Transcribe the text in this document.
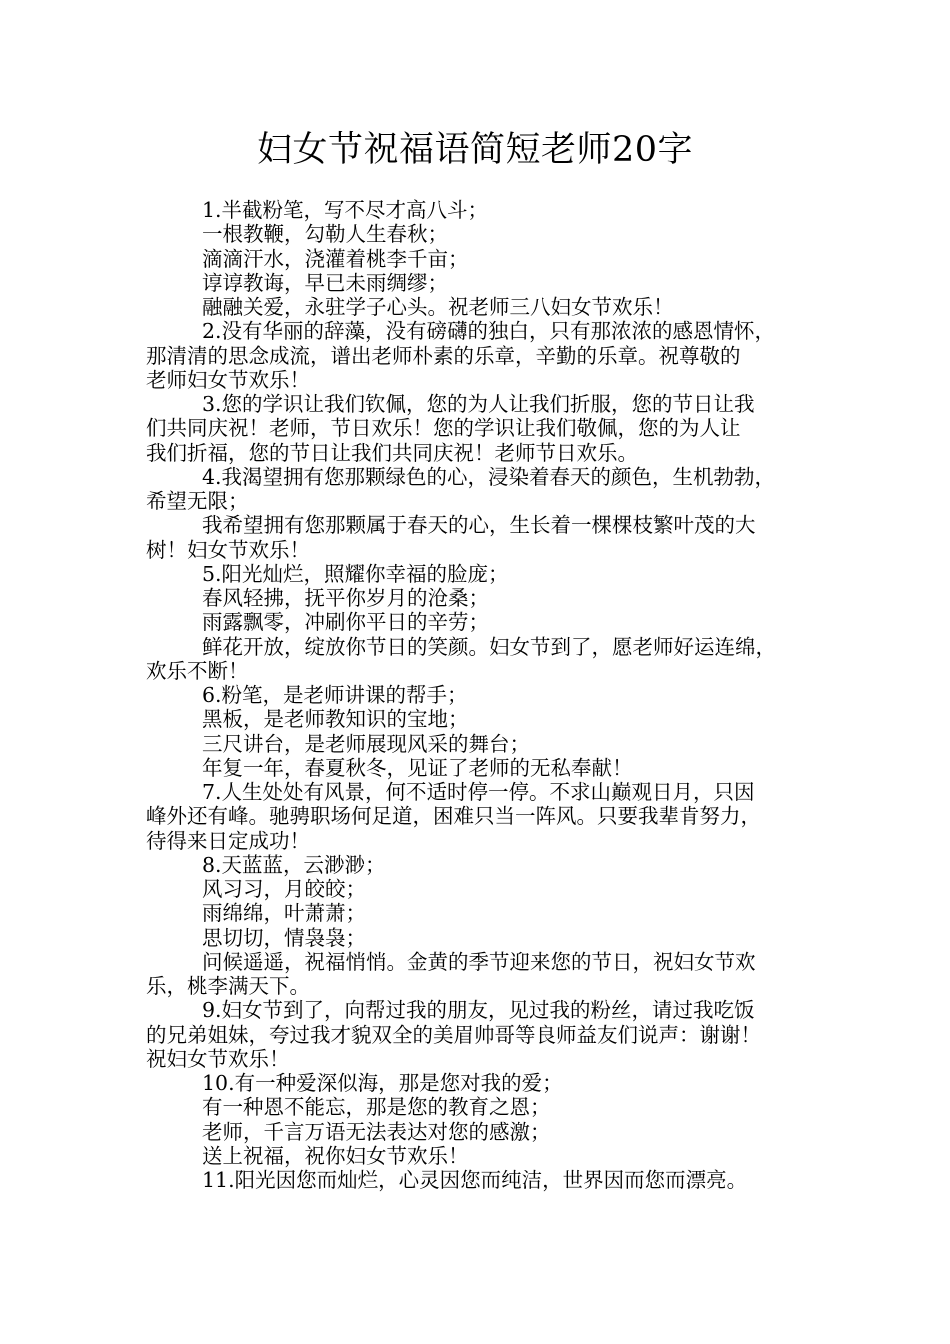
妇女节祝福语简短老师20字

1.半截粉笔，写不尽才高八斗；

一根教鞭，勾勒人生春秋；

滴滴汗水，浇灌着桃李千亩；

谆谆教诲，早已未雨绸缪；

融融关爱，永驻学子心头。祝老师三八妇女节欢乐！

2.没有华丽的辞藻，没有磅礴的独白，只有那浓浓的感恩情怀，

那清清的思念成流，谱出老师朴素的乐章，辛勤的乐章。祝尊敬的

老师妇女节欢乐！

3.您的学识让我们钦佩，您的为人让我们折服，您的节日让我

们共同庆祝！老师，节日欢乐！您的学识让我们敬佩，您的为人让

我们折福，您的节日让我们共同庆祝！老师节日欢乐。

4.我渴望拥有您那颗绿色的心，浸染着春天的颜色，生机勃勃，

希望无限；

我希望拥有您那颗属于春天的心，生长着一棵棵枝繁叶茂的大

树！妇女节欢乐！

5.阳光灿烂，照耀你幸福的脸庞；

春风轻拂，抚平你岁月的沧桑；

雨露飘零，冲刷你平日的辛劳；

鲜花开放，绽放你节日的笑颜。妇女节到了，愿老师好运连绵，

欢乐不断！

6.粉笔，是老师讲课的帮手；

黑板，是老师教知识的宝地；

三尺讲台，是老师展现风采的舞台；

年复一年，春夏秋冬，见证了老师的无私奉献！

7.人生处处有风景，何不适时停一停。不求山巅观日月，只因

峰外还有峰。驰骋职场何足道，困难只当一阵风。只要我辈肯努力，

待得来日定成功！

8.天蓝蓝，云渺渺；

风习习，月皎皎；

雨绵绵，叶萧萧；

思切切，情袅袅；

问候遥遥，祝福悄悄。金黄的季节迎来您的节日，祝妇女节欢

乐，桃李满天下。

9.妇女节到了，向帮过我的朋友，见过我的粉丝，请过我吃饭

的兄弟姐妹，夸过我才貌双全的美眉帅哥等良师益友们说声：谢谢！

祝妇女节欢乐！

10.有一种爱深似海，那是您对我的爱；

有一种恩不能忘，那是您的教育之恩；

老师，千言万语无法表达对您的感激；

送上祝福，祝你妇女节欢乐！

11.阳光因您而灿烂，心灵因您而纯洁，世界因而您而漂亮。
